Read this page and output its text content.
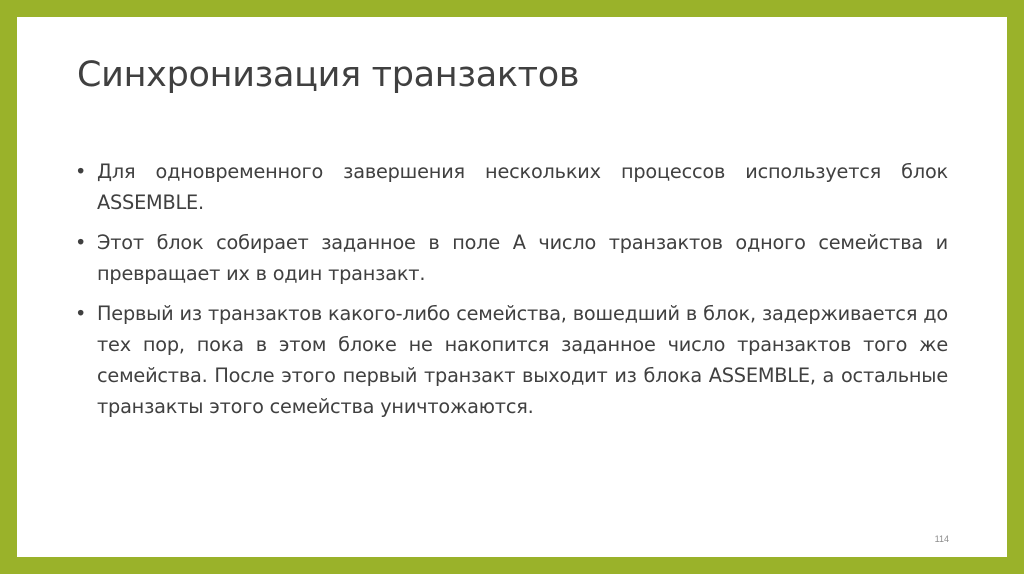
Синхронизация транзактов
• Для одновременного завершения нескольких процессов используется блок ASSEMBLE.
• Этот блок собирает заданное в поле А число транзактов одного семейства и превращает их в один транзакт.
• Первый из транзактов какого-либо семейства, вошедший в блок, задерживается до тех пор, пока в этом блоке не накопится заданное число транзактов того же семейства. После этого первый транзакт выходит из блока ASSEMBLE, а остальные транзакты этого семейства уничтожаются.
114
